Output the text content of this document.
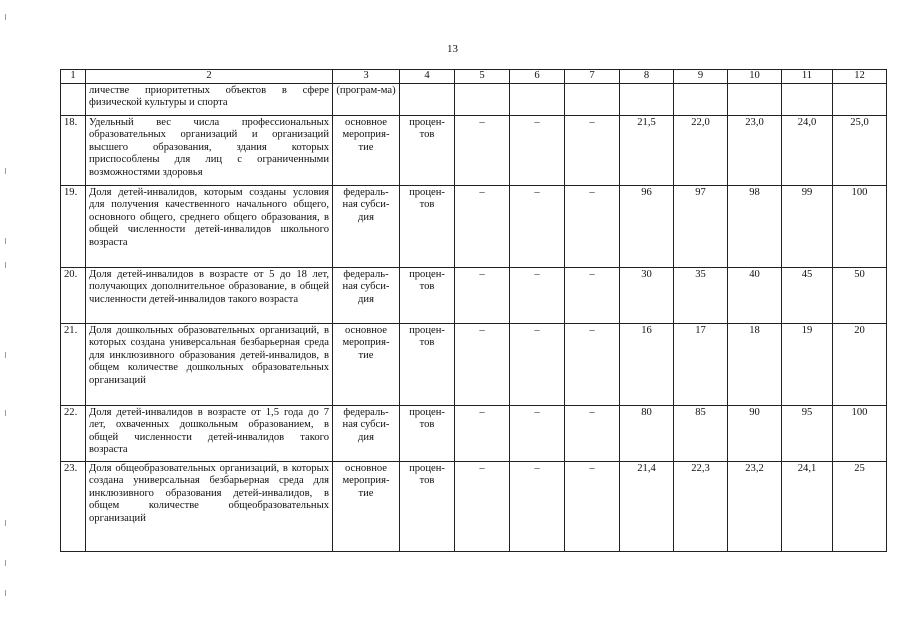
13
1	2	3	4	5	6	7	8	9	10	11	12
	личестве приоритетных объектов в сфере физической культуры и спорта	(програм-ма)									
18.	Удельный вес числа профессиональных образовательных организаций и организаций высшего образования, здания которых приспособлены для лиц с ограниченными возможностями здоровья	основное мероприя-тие	процен-тов	–	–	–	21,5	22,0	23,0	24,0	25,0
19.	Доля детей-инвалидов, которым созданы условия для получения качественного начального общего, основного общего, среднего общего образования, в общей численности детей-инвалидов школьного возраста	федераль-ная субси-дия	процен-тов	–	–	–	96	97	98	99	100
20.	Доля детей-инвалидов в возрасте от 5 до 18 лет, получающих дополнительное образование, в общей численности детей-инвалидов такого возраста	федераль-ная субси-дия	процен-тов	–	–	–	30	35	40	45	50
21.	Доля дошкольных образовательных организаций, в которых создана универсальная безбарьерная среда для инклюзивного образования детей-инвалидов, в общем количестве дошкольных образовательных организаций	основное мероприя-тие	процен-тов	–	–	–	16	17	18	19	20
22.	Доля детей-инвалидов в возрасте от 1,5 года до 7 лет, охваченных дошкольным образованием, в общей численности детей-инвалидов такого возраста	федераль-ная субси-дия	процен-тов	–	–	–	80	85	90	95	100
23.	Доля общеобразовательных организаций, в которых создана универсальная безбарьерная среда для инклюзивного образования детей-инвалидов, в общем количестве общеобразовательных организаций	основное мероприя-тие	процен-тов	–	–	–	21,4	22,3	23,2	24,1	25
